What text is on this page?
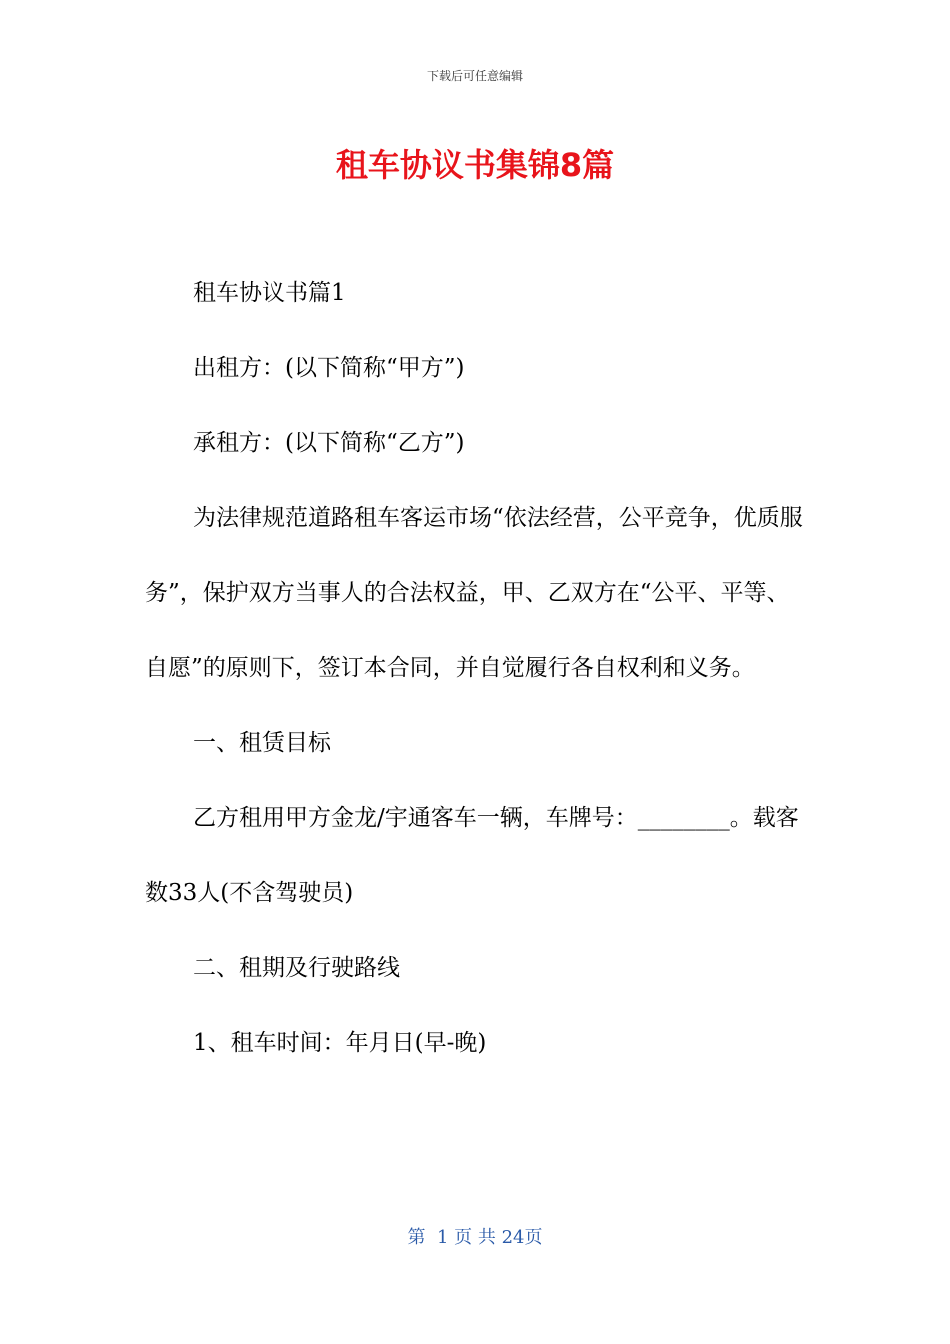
下载后可任意编辑
租车协议书集锦8篇

租车协议书篇1

出租方：(以下简称“甲方”)

承租方：(以下简称“乙方”)

为法律规范道路租车客运市场“依法经营，公平竞争，优质服务”，保护双方当事人的合法权益，甲、乙双方在“公平、平等、自愿”的原则下，签订本合同，并自觉履行各自权利和义务。

一、租赁目标

乙方租用甲方金龙/宇通客车一辆，车牌号：________。载客数33人(不含驾驶员)

二、租期及行驶路线

1、租车时间：年月日(早-晚)

第  1 页 共 24页
